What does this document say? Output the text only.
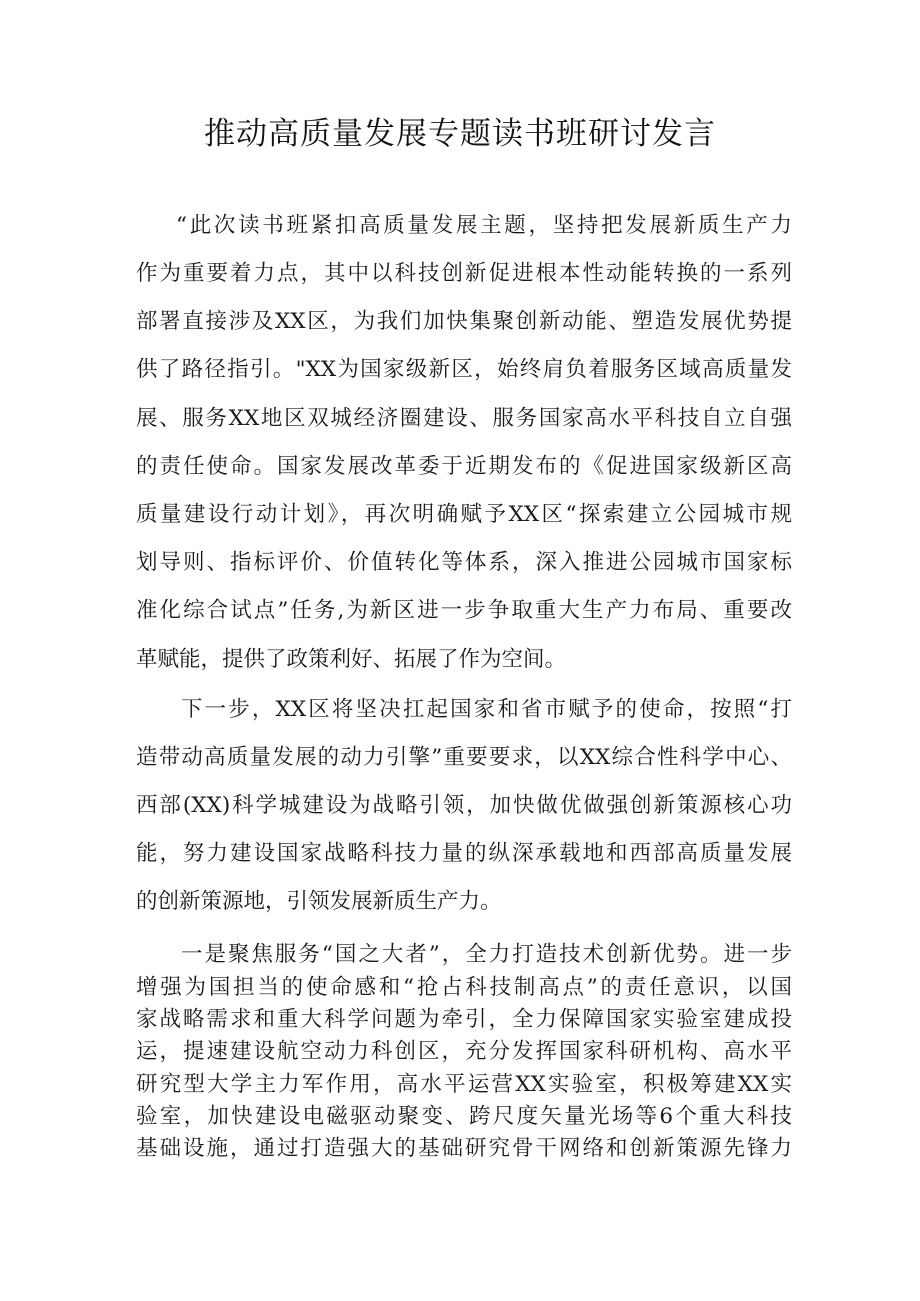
推动高质量发展专题读书班研讨发言

“此次读书班紧扣高质量发展主题，坚持把发展新质生产力

作为重要着力点，其中以科技创新促进根本性动能转换的一系列

部署直接涉及XX区，为我们加快集聚创新动能、塑造发展优势提

供了路径指引。"XX为国家级新区，始终肩负着服务区域高质量发

展、服务XX地区双城经济圈建设、服务国家高水平科技自立自强

的责任使命。国家发展改革委于近期发布的《促进国家级新区高

质量建设行动计划》，再次明确赋予XX区“探索建立公园城市规

划导则、指标评价、价值转化等体系，深入推进公园城市国家标

准化综合试点”任务,为新区进一步争取重大生产力布局、重要改

革赋能，提供了政策利好、拓展了作为空间。

下一步，XX区将坚决扛起国家和省市赋予的使命，按照“打

造带动高质量发展的动力引擎”重要要求，以XX综合性科学中心、

西部(XX)科学城建设为战略引领，加快做优做强创新策源核心功

能，努力建设国家战略科技力量的纵深承载地和西部高质量发展

的创新策源地，引领发展新质生产力。

一是聚焦服务“国之大者”，全力打造技术创新优势。进一步

增强为国担当的使命感和“抢占科技制高点”的责任意识，以国

家战略需求和重大科学问题为牵引，全力保障国家实验室建成投

运，提速建设航空动力科创区，充分发挥国家科研机构、高水平

研究型大学主力军作用，高水平运营XX实验室，积极筹建XX实

验室，加快建设电磁驱动聚变、跨尺度矢量光场等6个重大科技

基础设施，通过打造强大的基础研究骨干网络和创新策源先锋力
